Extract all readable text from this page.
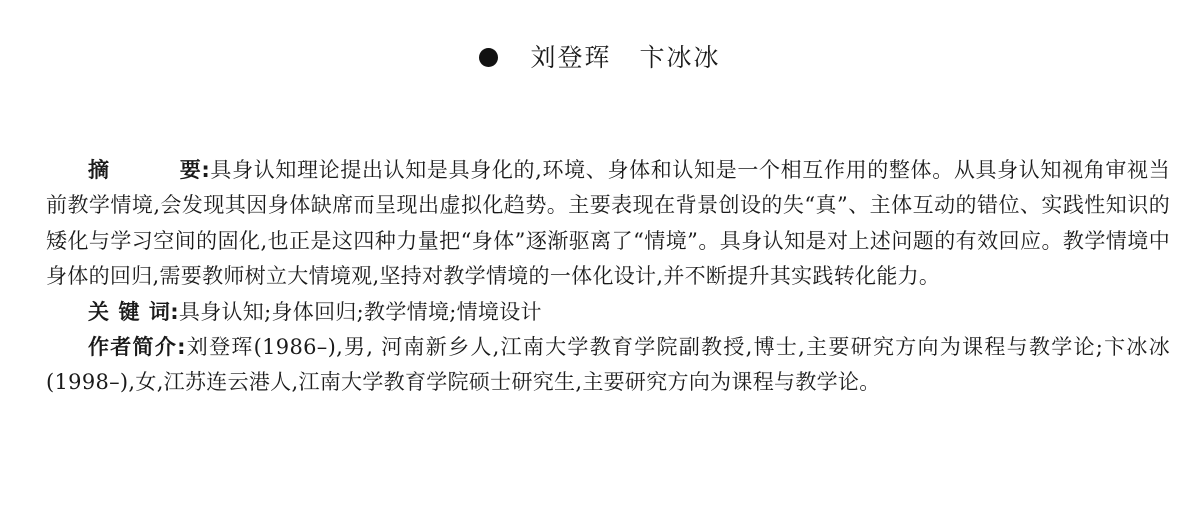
刘登珲 卞冰冰

摘	要:具身认知理论提出认知是具身化的,环境、身体和认知是一个相互作用的整体。从具身认知视角审视当前教学情境,会发现其因身体缺席而呈现出虚拟化趋势。主要表现在背景创设的失“真”、主体互动的错位、实践性知识的矮化与学习空间的固化,也正是这四种力量把“身体”逐渐驱离了“情境”。具身认知是对上述问题的有效回应。教学情境中身体的回归,需要教师树立大情境观,坚持对教学情境的一体化设计,并不断提升其实践转化能力。

关 键 词:具身认知;身体回归;教学情境;情境设计

作者简介:刘登珲(1986–),男, 河南新乡人,江南大学教育学院副教授,博士,主要研究方向为课程与教学论;卞冰冰(1998–),女,江苏连云港人,江南大学教育学院硕士研究生,主要研究方向为课程与教学论。
